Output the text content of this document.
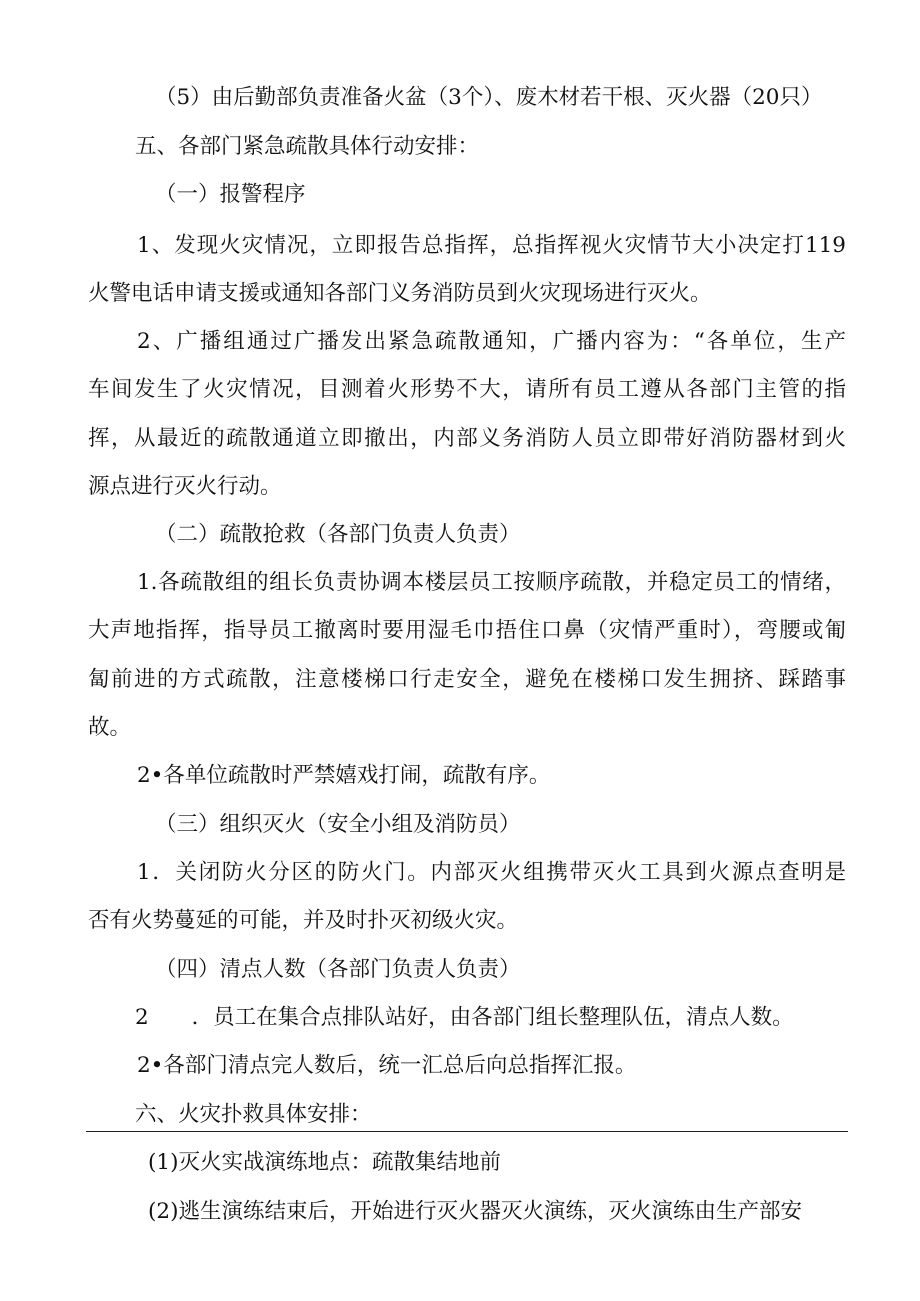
（5）由后勤部负责准备火盆（3个）、废木材若干根、灭火器（20只）

五、各部门紧急疏散具体行动安排：

（一）报警程序

1、发现火灾情况，立即报告总指挥，总指挥视火灾情节大小决定打119

火警电话申请支援或通知各部门义务消防员到火灾现场进行灭火。

2、广播组通过广播发出紧急疏散通知，广播内容为：“各单位，生产

车间发生了火灾情况，目测着火形势不大，请所有员工遵从各部门主管的指

挥，从最近的疏散通道立即撤出，内部义务消防人员立即带好消防器材到火

源点进行灭火行动。

（二）疏散抢救（各部门负责人负责）

1.各疏散组的组长负责协调本楼层员工按顺序疏散，并稳定员工的情绪，

大声地指挥，指导员工撤离时要用湿毛巾捂住口鼻（灾情严重时），弯腰或匍

匐前进的方式疏散，注意楼梯口行走安全，避免在楼梯口发生拥挤、踩踏事

故。

2•各单位疏散时严禁嬉戏打闹，疏散有序。

（三）组织灭火（安全小组及消防员）

1．关闭防火分区的防火门。内部灭火组携带灭火工具到火源点查明是

否有火势蔓延的可能，并及时扑灭初级火灾。

（四）清点人数（各部门负责人负责）

2　　．员工在集合点排队站好，由各部门组长整理队伍，清点人数。

2•各部门清点完人数后，统一汇总后向总指挥汇报。

六、火灾扑救具体安排：

(1)灭火实战演练地点：疏散集结地前

(2)逃生演练结束后，开始进行灭火器灭火演练，灭火演练由生产部安
